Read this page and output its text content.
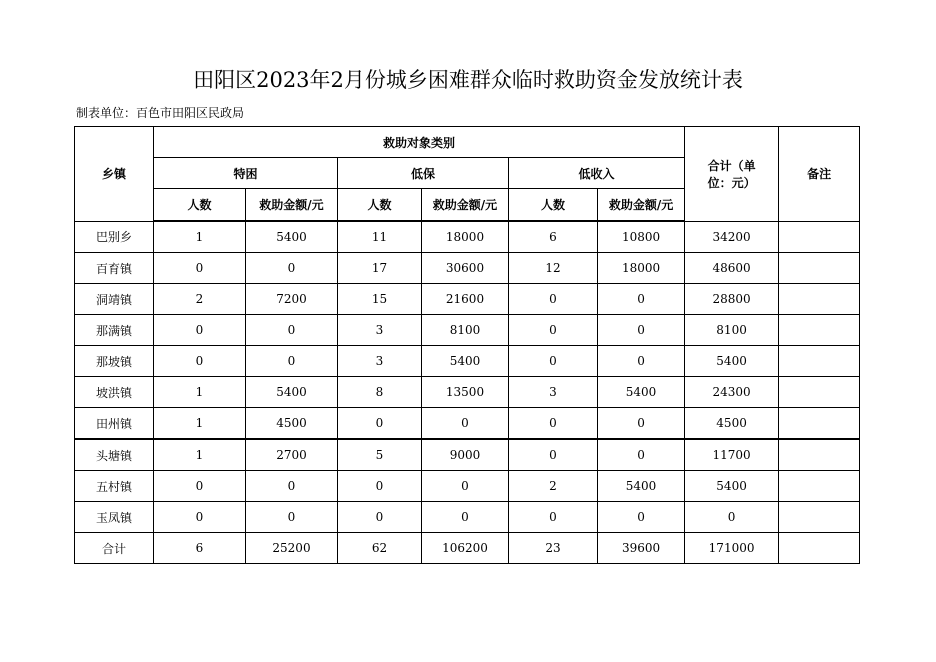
田阳区2023年2月份城乡困难群众临时救助资金发放统计表
制表单位：百色市田阳区民政局
乡镇	救助对象类别						合计（单位：元）	备注
	特困		低保		低收入			
	人数	救助金额/元	人数	救助金额/元	人数	救助金额/元		
巴别乡	1	5400	11	18000	6	10800	34200	
百育镇	0	0	17	30600	12	18000	48600	
洞靖镇	2	7200	15	21600	0	0	28800	
那满镇	0	0	3	8100	0	0	8100	
那坡镇	0	0	3	5400	0	0	5400	
坡洪镇	1	5400	8	13500	3	5400	24300	
田州镇	1	4500	0	0	0	0	4500	
头塘镇	1	2700	5	9000	0	0	11700	
五村镇	0	0	0	0	2	5400	5400	
玉凤镇	0	0	0	0	0	0	0	
合计	6	25200	62	106200	23	39600	171000	
